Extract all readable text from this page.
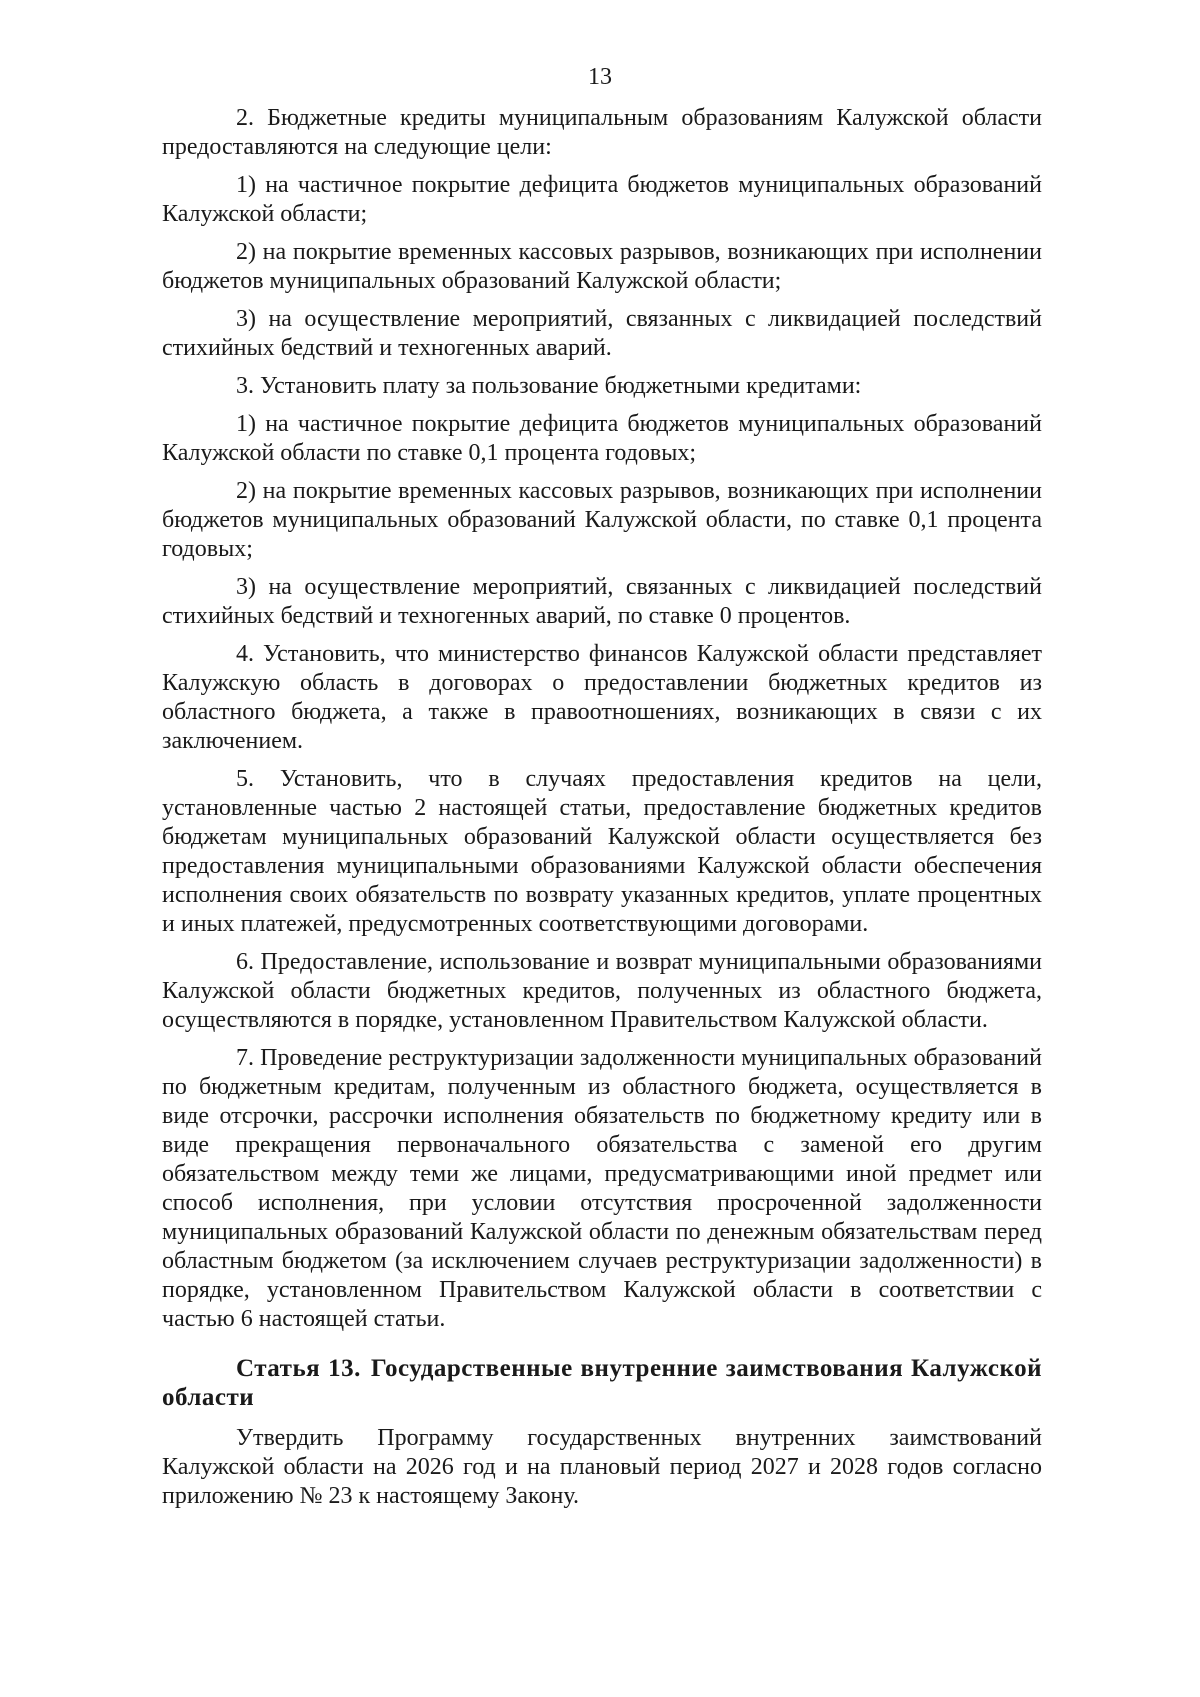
13

2. Бюджетные кредиты муниципальным образованиям Калужской области предоставляются на следующие цели:

1) на частичное покрытие дефицита бюджетов муниципальных образований Калужской области;

2) на покрытие временных кассовых разрывов, возникающих при исполнении бюджетов муниципальных образований Калужской области;

3) на осуществление мероприятий, связанных с ликвидацией последствий стихийных бедствий и техногенных аварий.

3. Установить плату за пользование бюджетными кредитами:

1) на частичное покрытие дефицита бюджетов муниципальных образований Калужской области по ставке 0,1 процента годовых;

2) на покрытие временных кассовых разрывов, возникающих при исполнении бюджетов муниципальных образований Калужской области, по ставке 0,1 процента годовых;

3) на осуществление мероприятий, связанных с ликвидацией последствий стихийных бедствий и техногенных аварий, по ставке 0 процентов.

4. Установить, что министерство финансов Калужской области представляет Калужскую область в договорах о предоставлении бюджетных кредитов из областного бюджета, а также в правоотношениях, возникающих в связи с их заключением.

5. Установить, что в случаях предоставления кредитов на цели, установленные частью 2 настоящей статьи, предоставление бюджетных кредитов бюджетам муниципальных образований Калужской области осуществляется без предоставления муниципальными образованиями Калужской области обеспечения исполнения своих обязательств по возврату указанных кредитов, уплате процентных и иных платежей, предусмотренных соответствующими договорами.

6. Предоставление, использование и возврат муниципальными образованиями Калужской области бюджетных кредитов, полученных из областного бюджета, осуществляются в порядке, установленном Правительством Калужской области.

7. Проведение реструктуризации задолженности муниципальных образований по бюджетным кредитам, полученным из областного бюджета, осуществляется в виде отсрочки, рассрочки исполнения обязательств по бюджетному кредиту или в виде прекращения первоначального обязательства с заменой его другим обязательством между теми же лицами, предусматривающими иной предмет или способ исполнения, при условии отсутствия просроченной задолженности муниципальных образований Калужской области по денежным обязательствам перед областным бюджетом (за исключением случаев реструктуризации задолженности) в порядке, установленном Правительством Калужской области в соответствии с частью 6 настоящей статьи.

Статья 13. Государственные внутренние заимствования Калужской области

Утвердить Программу государственных внутренних заимствований Калужской области на 2026 год и на плановый период 2027 и 2028 годов согласно приложению № 23 к настоящему Закону.
